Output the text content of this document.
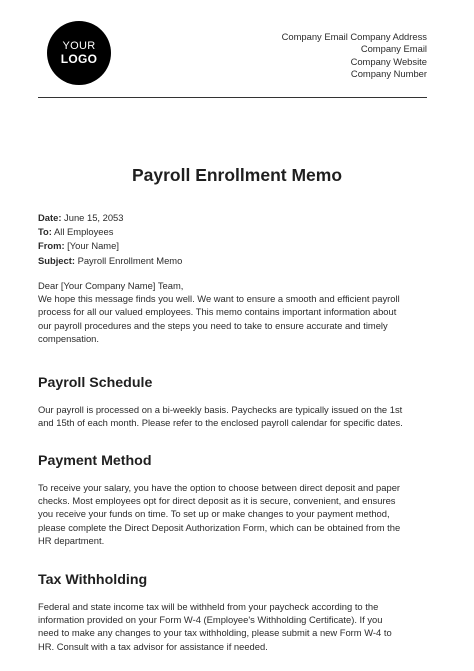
YOUR
LOGO
Company Email Company Address
Company Email
Company Website
Company Number
Payroll Enrollment Memo
Date: June 15, 2053
To: All Employees
From: [Your Name]
Subject: Payroll Enrollment Memo

Dear [Your Company Name] Team,
We hope this message finds you well. We want to ensure a smooth and efficient payroll
process for all our valued employees. This memo contains important information about
our payroll procedures and the steps you need to take to ensure accurate and timely
compensation.

Payroll Schedule

Our payroll is processed on a bi-weekly basis. Paychecks are typically issued on the 1st
and 15th of each month. Please refer to the enclosed payroll calendar for specific dates.

Payment Method

To receive your salary, you have the option to choose between direct deposit and paper
checks. Most employees opt for direct deposit as it is secure, convenient, and ensures
you receive your funds on time. To set up or make changes to your payment method,
please complete the Direct Deposit Authorization Form, which can be obtained from the
HR department.

Tax Withholding

Federal and state income tax will be withheld from your paycheck according to the
information provided on your Form W-4 (Employee's Withholding Certificate). If you
need to make any changes to your tax withholding, please submit a new Form W-4 to
HR. Consult with a tax advisor for assistance if needed.
